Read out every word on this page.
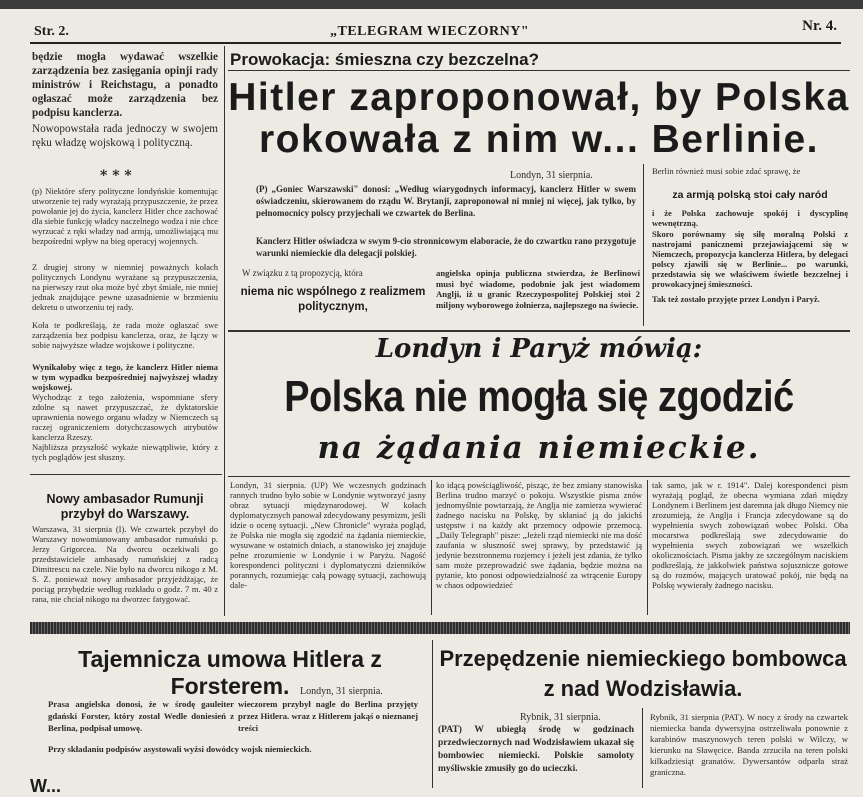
Str. 2.	„TELEGRAM WIECZORNY"	Nr. 4.
będzie mogła wydawać wszelkie zarządzenia bez zasięgania opinji rady ministrów i Reichstagu, a ponadto ogłaszać może zarządzenia bez podpisu kanclerza.
Nowopowstała rada jednoczy w swojem ręku władzę wojskową i polityczną.
* * *
(p) Niektóre sfery polityczne londyńskie komentując utworzenie tej rady wyrażają przypuszczenie, że przez powołanie jej do życia, kanclerz Hitler chce zachować dla siebie funkcję władcy naczelnego wodza i nie chce wyrzucać z ręki władzy nad armją, umożliwiającą mu bezpośredni wpływ na bieg operacyj wojennych.
Z drugiej strony w niemniej poważnych kołach politycznych Londynu wyrażane są przypuszczenia, na pierwszy rzut oka może być zbyt śmiałe, nie mniej jednak znajdujące pewne uzasadnienie w brzmieniu dekretu o utworzeniu tej rady.
Koła te podkreślają, że rada może ogłaszać swe zarządzenia bez podpisu kanclerza, oraz, że łączy w sobie najwyższe władze wojskowe i polityczne.
Wynikałoby więc z tego, że kanclerz Hitler niema w tym wypadku bezpośredniej najwyższej władzy wojskowej.
Wychodząc z tego założenia, wspomniane sfery zdolne są nawet przypuszczać, że dyktatorskie uprawnienia nowego organu władzy w Niemczech są raczej ograniczeniem dotychczasowych atrybutów kanclerza Rzeszy.
Najbliższa przyszłość wykaże niewątpliwie, który z tych poglądów jest słuszny.
Nowy ambasador Rumunji przybył do Warszawy.
Warszawa, 31 sierpnia (I). We czwartek przybył do Warszawy nowomianowany ambasador rumuński p. Jerzy Grigorcea. Na dworcu oczekiwali go przedstawiciele ambasady rumuńskiej z radcą Dimitrescu na czele. Nie było na dworcu nikogo z M. S. Z. ponieważ nowy ambasador przyjeżdżając, że pociąg przybędzie według rozkładu o godz. 7 m. 40 z rana, nie chciał nikogo na dworzec fatygować.
Prowokacja: śmieszna czy bezczelna?
Hitler zaproponował, by Polska
rokowała z nim w... Berlinie.
Londyn, 31 sierpnia.
(P) „Goniec Warszawski" donosi: „Według wiarygodnych informacyj, kanclerz Hitler w swem oświadczeniu, skierowanem do rządu W. Brytanji, zaproponował ni mniej ni więcej, jak tylko, by pełnomocnicy polscy przyjechali we czwartek do Berlina.
Kanclerz Hitler oświadcza w swym 9-cio stronnicowym elaboracie, że do czwartku rano przygotuje warunki niemieckie dla delegacji polskiej.
W związku z tą propozycją, która
niema nic wspólnego z realizmem politycznym,
angielska opinja publiczna stwierdza, że Berlinowi musi być wiadome, podobnie jak jest wiadomem Anglji, iż u granic Rzeczypospolitej Polskiej stoi 2 miljony wyborowego żołnierza, najlepszego na świecie.
Berlin również musi sobie zdać sprawę, że
za armją polską stoi cały naród
i że Polska zachowuje spokój i dyscyplinę wewnętrzną.
Skoro porównamy się siłę moralną Polski z nastrojami panicznemi przejawiającemi się w Niemczech, propozycja kanclerza Hitlera, by delegaci polscy zjawili się w Berlinie... po warunki, przedstawia się we właściwem świetle bezczelnej i prowokacyjnej śmieszności.
Tak też zostało przyjęte przez Londyn i Paryż.
Londyn i Paryż mówią:
Polska nie mogła się zgodzić
na żądania niemieckie.
Londyn, 31 sierpnia. (UP) We wczesnych godzinach rannych trudno było sobie w Londynie wytworzyć jasny obraz sytuacji międzynarodowej. W kołach dyplomatycznych panował zdecydowany pesymizm, jeśli idzie o ocenę sytuacji. „New Chronicle" wyraża pogląd, że Polska nie mogła się zgodzić na żądania niemieckie, wysuwane w ostatnich dniach, a stanowisko jej znajduje pełne zrozumienie w Londynie i w Paryżu. Nagość korespondenci polityczni i dyplomatyczni dzienników porannych, rozumiejąc całą powagę sytuacji, zachowują dale-
ko idącą powściągliwość, pisząc, że bez zmiany stanowiska Berlina trudno marzyć o pokoju. Wszystkie pisma znów jednomyślnie powtarzają, że Anglja nie zamierza wywierać żadnego nacisku na Polskę, by skłaniać ją do jakichś ustępstw i na każdy akt przemocy odpowie przemocą. „Daily Telegraph" pisze: „Jeżeli rząd niemiecki nie ma dość zaufania w słuszność swej sprawy, by przedstawić ją jedynie bezstronnemu rozjemcy i jeżeli jest zdania, że tylko sam może przeprowadzić swe żądania, będzie można na pytanie, kto ponosi odpowiedzialność za wtrącenie Europy w chaos odpowiedzieć
tak samo, jak w r. 1914". Dalej korespondenci pism wyrażają pogląd, że obecna wymiana zdań między Londynem i Berlinem jest daremna jak długo Niemcy nie zrozumieją, że Anglja i Francja zdecydowane są do wypełnienia swych zobowiązań wobec Polski. Oba mocarstwa podkreślają swe zdecydowanie do wypełnienia swych zobowiązań we wszelkich okolicznościach. Pisma jakby ze szczególnym naciskiem podkreślają, że jakkolwiek państwa sojusznicze gotowe są do rozmów, mających uratować pokój, nie będą na Polskę wywierały żadnego nacisku.
Tajemnicza umowa Hitlera z Forsterem.	Londyn, 31 sierpnia.
Prasa angielska donosi, że w środę gauleiter gdański Forster, który został Wedle doniesień z Berlina, podpisał umowę.
wieczorem przybył nagle do Berlina przyjęty przez Hitlera. wraz z Hitlerem jakąś o nieznanej treści
Przy składaniu podpisów asystowali wyżsi dowódcy wojsk niemieckich.
Przepędzenie niemieckiego bombowca
z nad Wodzisławia.
Rybnik, 31 sierpnia.
(PAT) W ubiegłą środę w godzinach przedwieczornych nad Wodzisławiem ukazał się bombowiec niemiecki. Polskie samoloty myśliwskie zmusiły go do ucieczki.
Rybnik, 31 sierpnia (PAT). W nocy z środy na czwartek niemiecka banda dywersyjna ostrzeliwała ponownie z karabinów maszynowych teren polski w Wilczy, w kierunku na Sławęcice. Banda zrzuciła na teren polski kilkadziesiąt granatów. Dywersantów odparła straż graniczna.
W...
